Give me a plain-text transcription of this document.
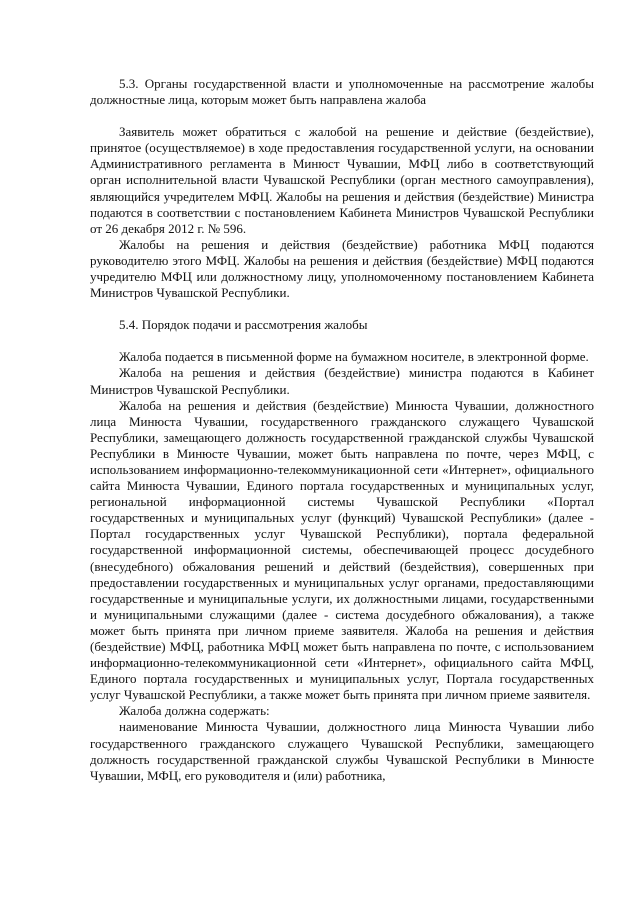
5.3. Органы государственной власти и уполномоченные на рассмотрение жалобы должностные лица, которым может быть направлена жалоба

Заявитель может обратиться с жалобой на решение и действие (бездействие), принятое (осуществляемое) в ходе предоставления государственной услуги, на основании Административного регламента в Минюст Чувашии, МФЦ либо в соответствующий орган исполнительной власти Чувашской Республики (орган местного самоуправления), являющийся учредителем МФЦ. Жалобы на решения и действия (бездействие) Министра подаются в соответствии с постановлением Кабинета Министров Чувашской Республики от 26 декабря 2012 г. № 596.

Жалобы на решения и действия (бездействие) работника МФЦ подаются руководителю этого МФЦ. Жалобы на решения и действия (бездействие) МФЦ подаются учредителю МФЦ или должностному лицу, уполномоченному постановлением Кабинета Министров Чувашской Республики.

5.4. Порядок подачи и рассмотрения жалобы

Жалоба подается в письменной форме на бумажном носителе, в электронной форме.

Жалоба на решения и действия (бездействие) министра подаются в Кабинет Министров Чувашской Республики.

Жалоба на решения и действия (бездействие) Минюста Чувашии, должностного лица Минюста Чувашии, государственного гражданского служащего Чувашской Республики, замещающего должность государственной гражданской службы Чувашской Республики в Минюсте Чувашии, может быть направлена по почте, через МФЦ, с использованием информационно-телекоммуникационной сети «Интернет», официального сайта Минюста Чувашии, Единого портала государственных и муниципальных услуг, региональной информационной системы Чувашской Республики «Портал государственных и муниципальных услуг (функций) Чувашской Республики» (далее - Портал государственных услуг Чувашской Республики), портала федеральной государственной информационной системы, обеспечивающей процесс досудебного (внесудебного) обжалования решений и действий (бездействия), совершенных при предоставлении государственных и муниципальных услуг органами, предоставляющими государственные и муниципальные услуги, их должностными лицами, государственными и муниципальными служащими (далее - система досудебного обжалования), а также может быть принята при личном приеме заявителя. Жалоба на решения и действия (бездействие) МФЦ, работника МФЦ может быть направлена по почте, с использованием информационно-телекоммуникационной сети «Интернет», официального сайта МФЦ, Единого портала государственных и муниципальных услуг, Портала государственных услуг Чувашской Республики, а также может быть принята при личном приеме заявителя.

Жалоба должна содержать:

наименование Минюста Чувашии, должностного лица Минюста Чувашии либо государственного гражданского служащего Чувашской Республики, замещающего должность государственной гражданской службы Чувашской Республики в Минюсте Чувашии, МФЦ, его руководителя и (или) работника,
